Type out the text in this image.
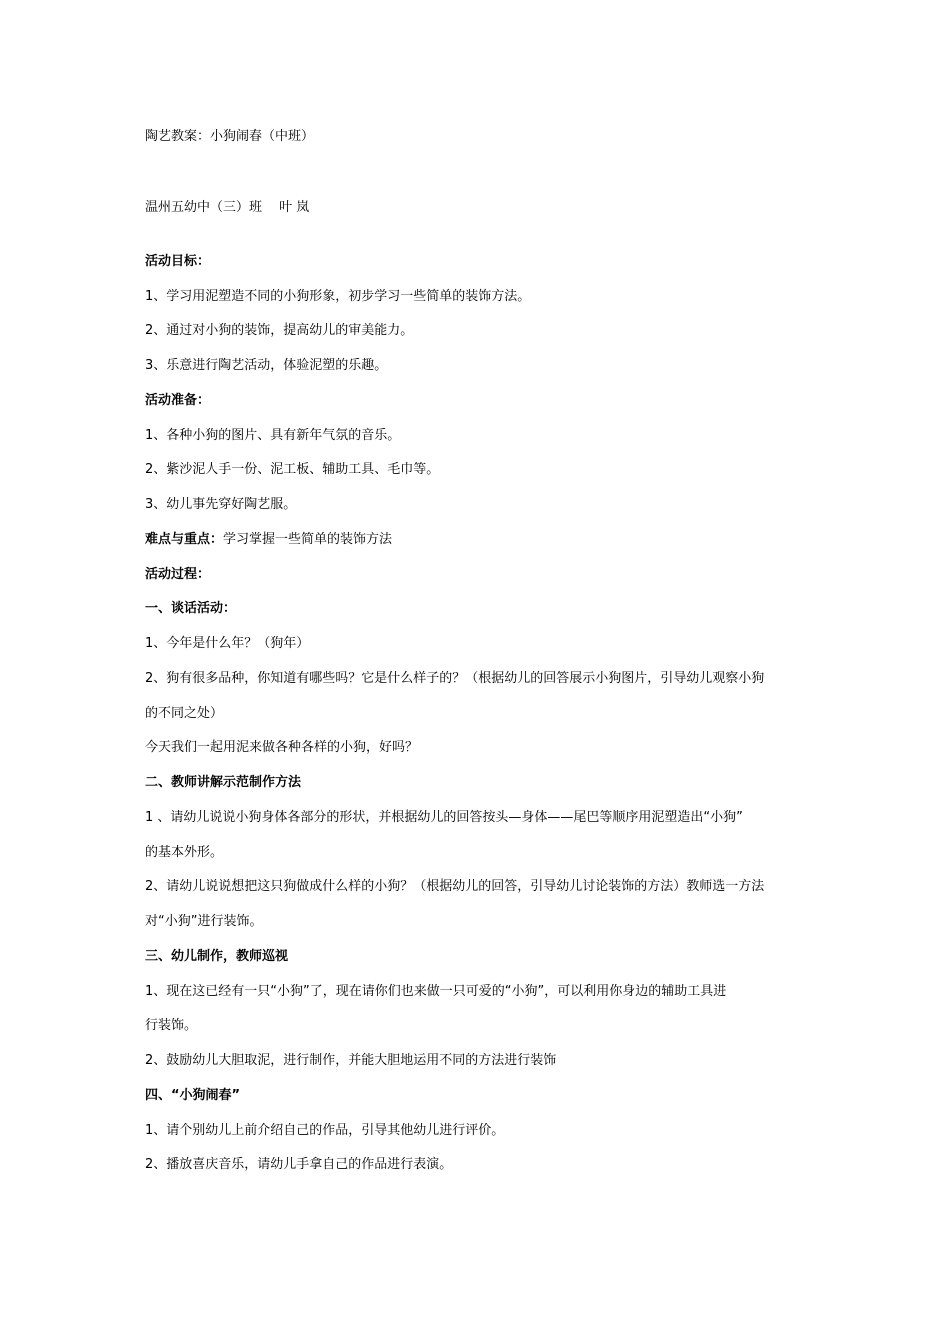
陶艺教案：小狗闹春（中班）

温州五幼中（三）班　 叶 岚

活动目标：

1、学习用泥塑造不同的小狗形象，初步学习一些简单的装饰方法。

2、通过对小狗的装饰，提高幼儿的审美能力。

3、乐意进行陶艺活动，体验泥塑的乐趣。

活动准备：

1、各种小狗的图片、具有新年气氛的音乐。

2、紫沙泥人手一份、泥工板、辅助工具、毛巾等。

3、幼儿事先穿好陶艺服。

难点与重点：学习掌握一些简单的装饰方法

活动过程：

一、谈话活动：

1、今年是什么年？（狗年）

2、狗有很多品种，你知道有哪些吗？它是什么样子的？（根据幼儿的回答展示小狗图片，引导幼儿观察小狗

的不同之处）

今天我们一起用泥来做各种各样的小狗，好吗？

二、教师讲解示范制作方法

1 、请幼儿说说小狗身体各部分的形状，并根据幼儿的回答按头—身体——尾巴等顺序用泥塑造出“小狗”

的基本外形。

2、请幼儿说说想把这只狗做成什么样的小狗？（根据幼儿的回答，引导幼儿讨论装饰的方法）教师选一方法

对“小狗”进行装饰。

三、幼儿制作，教师巡视

1、现在这已经有一只“小狗”了，现在请你们也来做一只可爱的“小狗”，可以利用你身边的辅助工具进

行装饰。

2、鼓励幼儿大胆取泥，进行制作，并能大胆地运用不同的方法进行装饰

四、“小狗闹春”

1、请个别幼儿上前介绍自己的作品，引导其他幼儿进行评价。

2、播放喜庆音乐，请幼儿手拿自己的作品进行表演。
